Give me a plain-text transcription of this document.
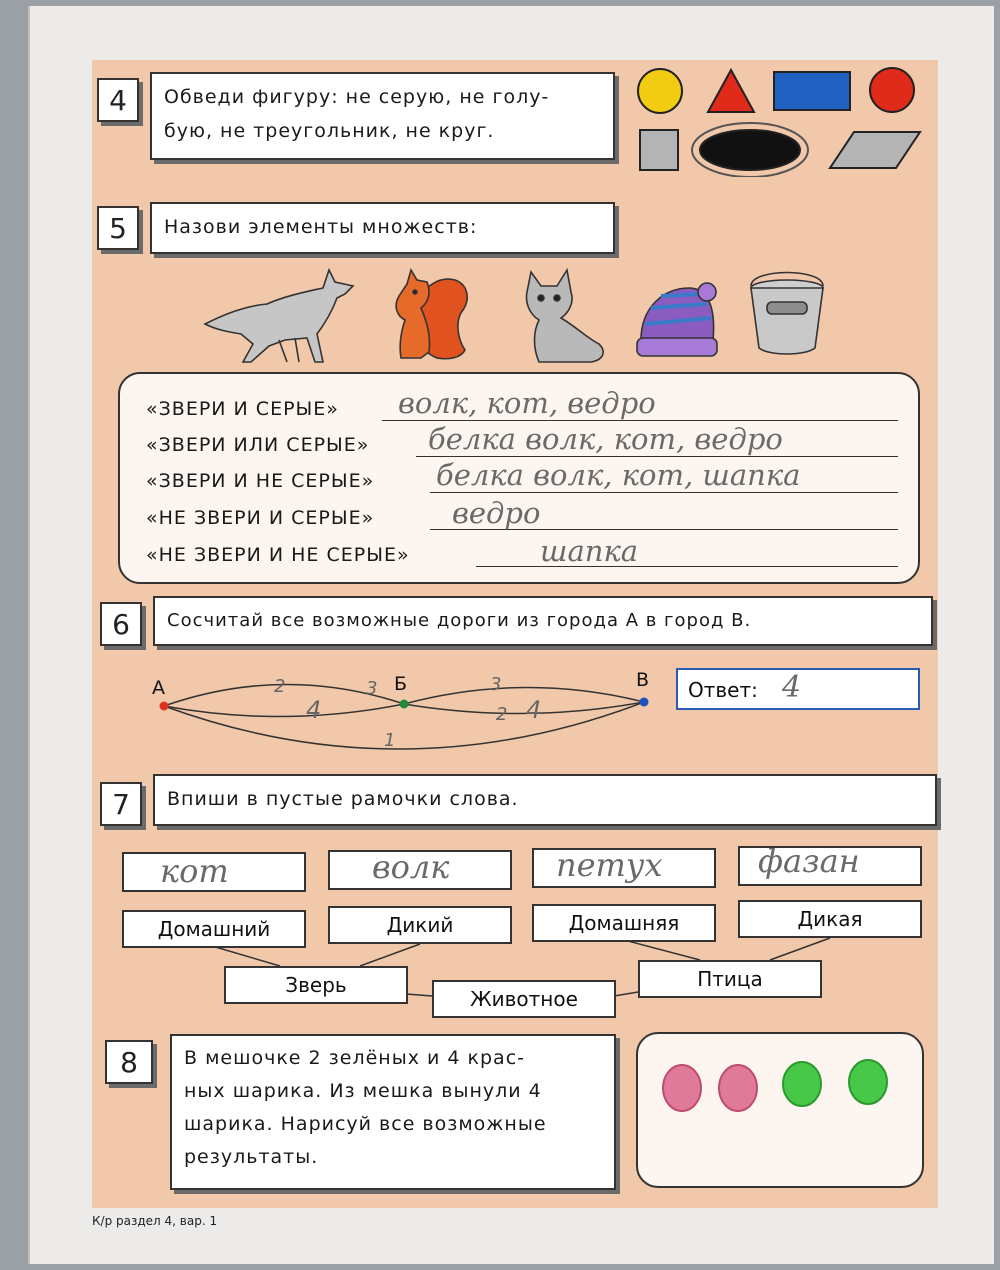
4	Обведи фигуру: не серую, не голу-
бую, не треугольник, не круг.
5	Назови элементы множеств:
«ЗВЕРИ И СЕРЫЕ» волк, кот, ведро
«ЗВЕРИ ИЛИ СЕРЫЕ» белка волк, кот, ведро
«ЗВЕРИ И НЕ СЕРЫЕ» белка волк, кот, шапка
«НЕ ЗВЕРИ И СЕРЫЕ»	ведро
«НЕ ЗВЕРИ И НЕ СЕРЫЕ»	шапка
6	Сосчитай все возможные дороги из города А в город В.
А	Б	В
2
4
3	3
2 4
1
Ответ: 4
7	Впиши в пустые рамочки слова.
кот	волк	петух	фазан
Домашний	Дикий	Домашняя	Дикая
Зверь	Птица
Животное
8	В мешочке 2 зелёных и 4 крас-
ных шарика. Из мешка вынули 4
шарика. Нарисуй все возможные
результаты.
К/р раздел 4, вар. 1
